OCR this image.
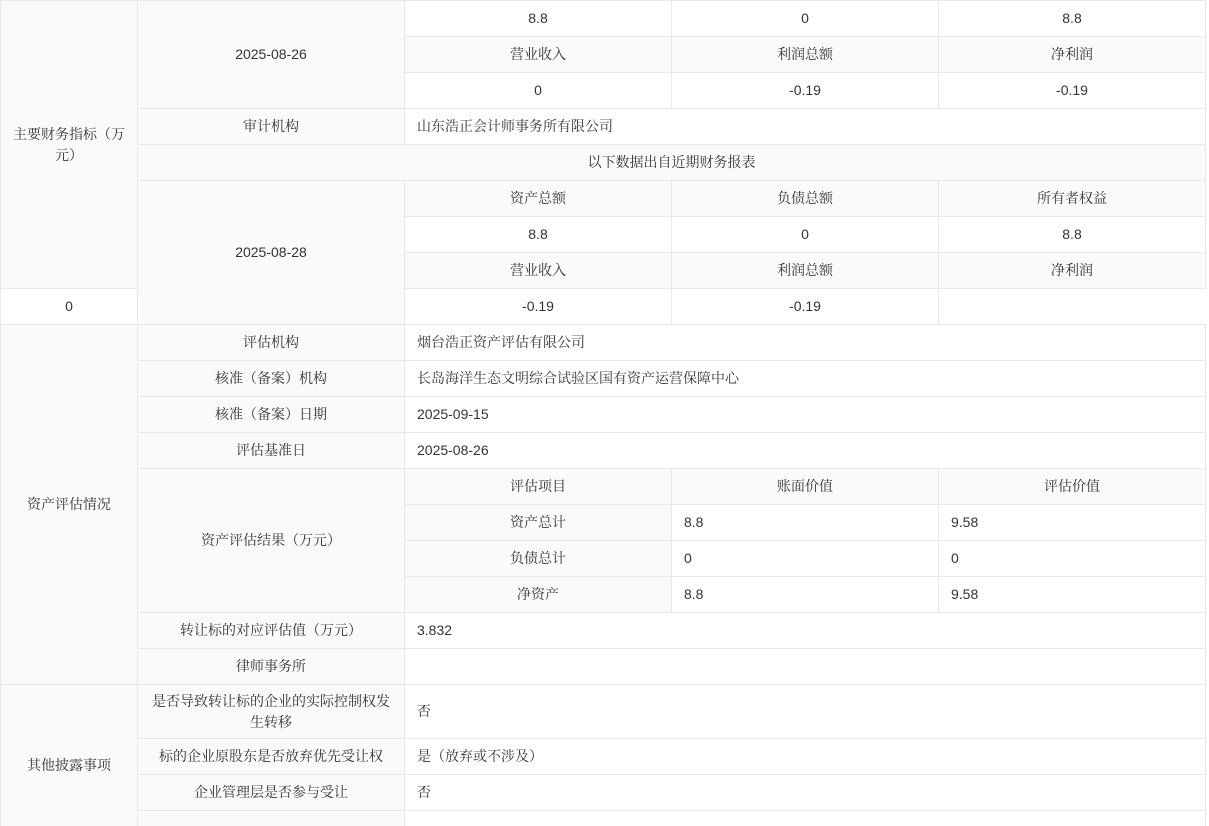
主要财务指标（万元）	2025-08-26	8.8	0	8.8
		营业收入	利润总额	净利润
		0	-0.19	-0.19
	审计机构	山东浩正会计师事务所有限公司		
	以下数据出自近期财务报表			
	2025-08-28	资产总额	负债总额	所有者权益
		8.8	0	8.8
		营业收入	利润总额	净利润
0		-0.19	-0.19	
资产评估情况	评估机构	烟台浩正资产评估有限公司		
	核准（备案）机构	长岛海洋生态文明综合试验区国有资产运营保障中心		
	核准（备案）日期	2025-09-15		
	评估基准日	2025-08-26		
	资产评估结果（万元）	评估项目	账面价值	评估价值
		资产总计	8.8	9.58
		负债总计	0	0
		净资产	8.8	9.58
	转让标的对应评估值（万元）	3.832		
	律师事务所			
其他披露事项	是否导致转让标的企业的实际控制权发生转移	否		
	标的企业原股东是否放弃优先受让权	是（放弃或不涉及）		
	企业管理层是否参与受让	否		
